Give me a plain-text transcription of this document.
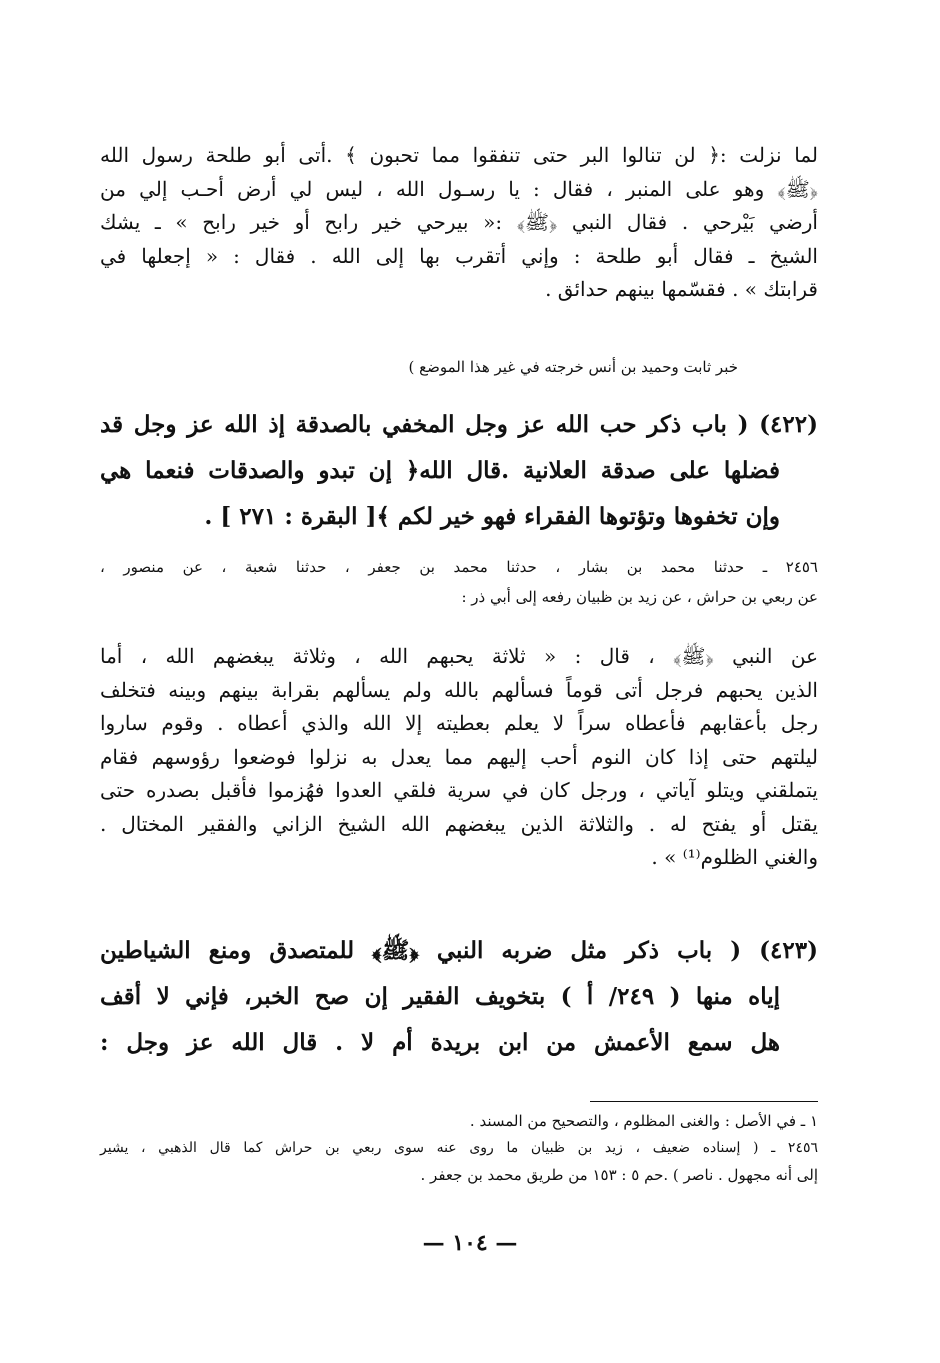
لما نزلت :﴿ لن تنالوا البر حتى تنفقوا مما تحبون ﴾ .أتى أبو طلحة رسول الله
﴿ﷺ﴾ وهو على المنبر ، فقال : يا رسـول الله ، ليس لي أرض أحـب إلي من
أرضي بَيْرحي . فقال النبي ﴿ﷺ﴾ :« بيرحي خير رابح أو خير رابح » ـ يشك
الشيخ ـ فقال أبو طلحة : وإني أتقرب بها إلى الله . فقال : « إجعلها في
قرابتك » . فقسّمها بينهم حدائق .
خبر ثابت وحميد بن أنس خرجته في غير هذا الموضع )
(٤٢٢) ( باب ذكر حب الله عز وجل المخفي بالصدقة إذ الله عز وجل قد
فضلها على صدقة العلانية .قال الله﴿ إن تبدو والصدقات فنعما هي
وإن تخفوها وتؤتوها الفقراء فهو خير لكم ﴾[ البقرة : ٢٧١ ] .
٢٤٥٦ ـ حدثنا محمد بن بشار ، حدثنا محمد بن جعفر ، حدثنا شعبة ، عن منصور ،
عن ربعي بن حراش ، عن زيد بن ظبيان رفعه إلى أبي ذر :
عن النبي ﴿ﷺ﴾ ، قال : « ثلاثة يحبهم الله ، وثلاثة يبغضهم الله ، أما
الذين يحبهم فرجل أتى قوماً فسألهم بالله ولم يسألهم بقرابة بينهم وبينه فتخلف
رجل بأعقابهم فأعطاه سراً لا يعلم بعطيته إلا الله والذي أعطاه . وقوم ساروا
ليلتهم حتى إذا كان النوم أحب إليهم مما يعدل به نزلوا فوضعوا رؤوسهم فقام
يتملقني ويتلو آياتي ، ورجل كان في سرية فلقي العدوا فهُزموا فأقبل بصدره حتى
يقتل أو يفتح له . والثلاثة الذين يبغضهم الله الشيخ الزاني والفقير المختال .
والغني الظلوم⁽¹⁾ » .
(٤٢٣) ( باب ذكر مثل ضربه النبي ﴿ﷺ﴾ للمتصدق ومنع الشياطين
إياه منها ( ٢٤٩/ أ ) بتخويف الفقير إن صح الخبر، فإني لا أقف
هل سمع الأعمش من ابن بريدة أم لا . قال الله عز وجل :
١ ـ في الأصل : والغنى المظلوم ، والتصحيح من المسند .
٢٤٥٦ ـ ( إسناده ضعيف ، زيد بن ظبيان ما روى عنه سوى ربعي بن حراش كما قال الذهبي ، يشير
إلى أنه مجهول . ناصر ) .حم ٥ : ١٥٣ من طريق محمد بن جعفر .
— ١٠٤ —
